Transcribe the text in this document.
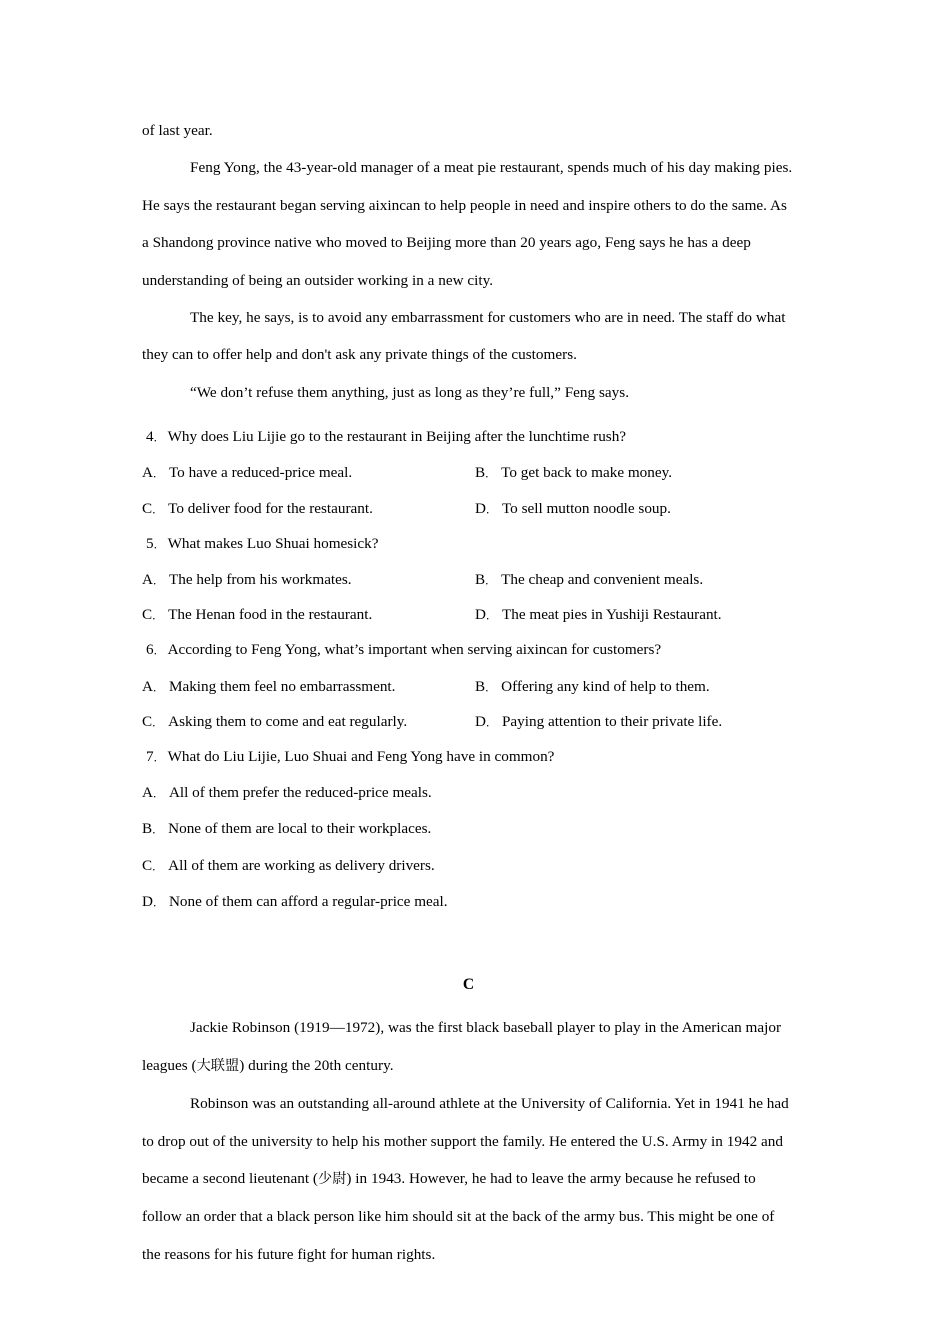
of last year.

Feng Yong, the 43-year-old manager of a meat pie restaurant, spends much of his day making pies. He says the restaurant began serving aixincan to help people in need and inspire others to do the same. As a Shandong province native who moved to Beijing more than 20 years ago, Feng says he has a deep understanding of being an outsider working in a new city.

The key, he says, is to avoid any embarrassment for customers who are in need. The staff do what they can to offer help and don't ask any private things of the customers.

“We don’t refuse them anything, just as long as they’re full,” Feng says.

4 ． Why does Liu Lijie go to the restaurant in Beijing after the lunchtime rush?

A ． To have a reduced-price meal.	B ． To get back to make money.
C ． To deliver food for the restaurant.	D ． To sell mutton noodle soup.

5 ． What makes Luo Shuai homesick?

A ． The help from his workmates.	B ． The cheap and convenient meals.
C ． The Henan food in the restaurant.	D ． The meat pies in Yushiji Restaurant.

6 ． According to Feng Yong, what’s important when serving aixincan for customers?

A ． Making them feel no embarrassment.	B ． Offering any kind of help to them.
C ． Asking them to come and eat regularly.	D ． Paying attention to their private life.

7 ． What do Liu Lijie, Luo Shuai and Feng Yong have in common?

A ． All of them prefer the reduced-price meals.

B ． None of them are local to their workplaces.

C ． All of them are working as delivery drivers.

D ． None of them can afford a regular-price meal.

C

Jackie Robinson (1919—1972), was the first black baseball player to play in the American major leagues (大联盟) during the 20th century.

Robinson was an outstanding all-around athlete at the University of California. Yet in 1941 he had to drop out of the university to help his mother support the family. He entered the U.S. Army in 1942 and became a second lieutenant (少尉) in 1943. However, he had to leave the army because he refused to follow an order that a black person like him should sit at the back of the army bus. This might be one of the reasons for his future fight for human rights.
